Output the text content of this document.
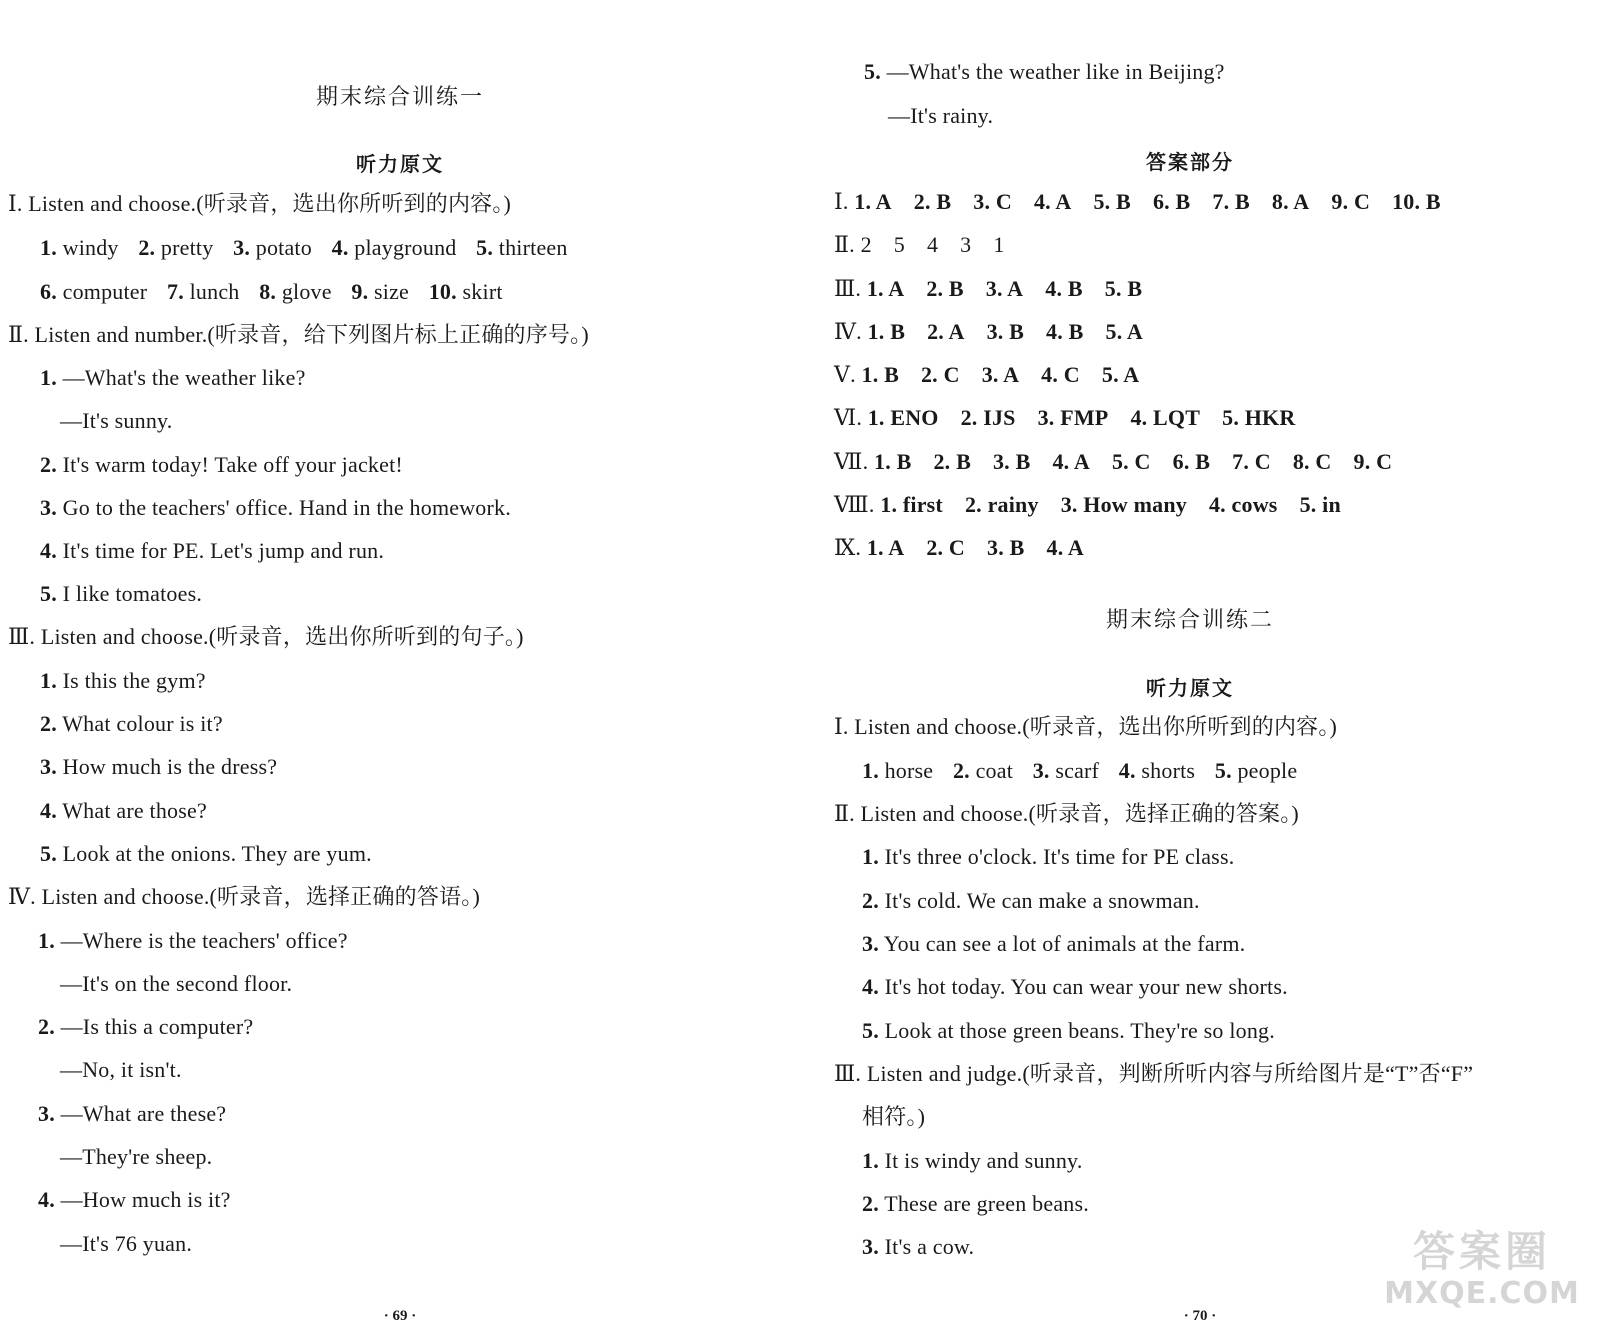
期末综合训练一
听力原文
Ⅰ. Listen and choose.(听录音，选出你所听到的内容。)
1. windy 2. pretty 3. potato 4. playground 5. thirteen
6. computer 7. lunch 8. glove 9. size 10. skirt
Ⅱ. Listen and number.(听录音，给下列图片标上正确的序号。)
1. —What's the weather like?
—It's sunny.
2. It's warm today! Take off your jacket!
3. Go to the teachers' office. Hand in the homework.
4. It's time for PE. Let's jump and run.
5. I like tomatoes.
Ⅲ. Listen and choose.(听录音，选出你所听到的句子。)
1. Is this the gym?
2. What colour is it?
3. How much is the dress?
4. What are those?
5. Look at the onions. They are yum.
Ⅳ. Listen and choose.(听录音，选择正确的答语。)
1. —Where is the teachers' office?
—It's on the second floor.
2. —Is this a computer?
—No, it isn't.
3. —What are these?
—They're sheep.
4. —How much is it?
—It's 76 yuan.
· 69 ·
5. —What's the weather like in Beijing?
—It's rainy.
答案部分
Ⅰ. 1. A 2. B 3. C 4. A 5. B 6. B 7. B 8. A 9. C 10. B
Ⅱ. 2 5 4 3 1
Ⅲ. 1. A 2. B 3. A 4. B 5. B
Ⅳ. 1. B 2. A 3. B 4. B 5. A
Ⅴ. 1. B 2. C 3. A 4. C 5. A
Ⅵ. 1. ENO 2. IJS 3. FMP 4. LQT 5. HKR
Ⅶ. 1. B 2. B 3. B 4. A 5. C 6. B 7. C 8. C 9. C
Ⅷ. 1. first 2. rainy 3. How many 4. cows 5. in
Ⅸ. 1. A 2. C 3. B 4. A
期末综合训练二
听力原文
Ⅰ. Listen and choose.(听录音，选出你所听到的内容。)
1. horse 2. coat 3. scarf 4. shorts 5. people
Ⅱ. Listen and choose.(听录音，选择正确的答案。)
1. It's three o'clock. It's time for PE class.
2. It's cold. We can make a snowman.
3. You can see a lot of animals at the farm.
4. It's hot today. You can wear your new shorts.
5. Look at those green beans. They're so long.
Ⅲ. Listen and judge.(听录音，判断所听内容与所给图片是“T”否“F”
相符。)
1. It is windy and sunny.
2. These are green beans.
3. It's a cow.
· 70 ·
答案圈
MXQE.COM
